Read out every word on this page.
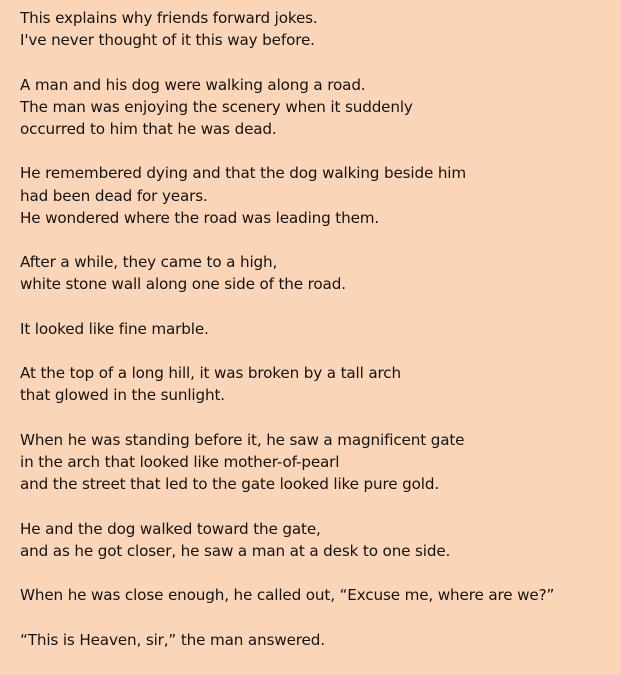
This explains why friends forward jokes.
I've never thought of it this way before.

A man and his dog were walking along a road.
The man was enjoying the scenery when it suddenly
occurred to him that he was dead.

He remembered dying and that the dog walking beside him
had been dead for years.
He wondered where the road was leading them.

After a while, they came to a high,
white stone wall along one side of the road.

It looked like fine marble.

At the top of a long hill, it was broken by a tall arch
that glowed in the sunlight.

When he was standing before it, he saw a magnificent gate
in the arch that looked like mother-of-pearl
and the street that led to the gate looked like pure gold.

He and the dog walked toward the gate,
and as he got closer, he saw a man at a desk to one side.

When he was close enough, he called out, “Excuse me, where are we?”

“This is Heaven, sir,” the man answered.
